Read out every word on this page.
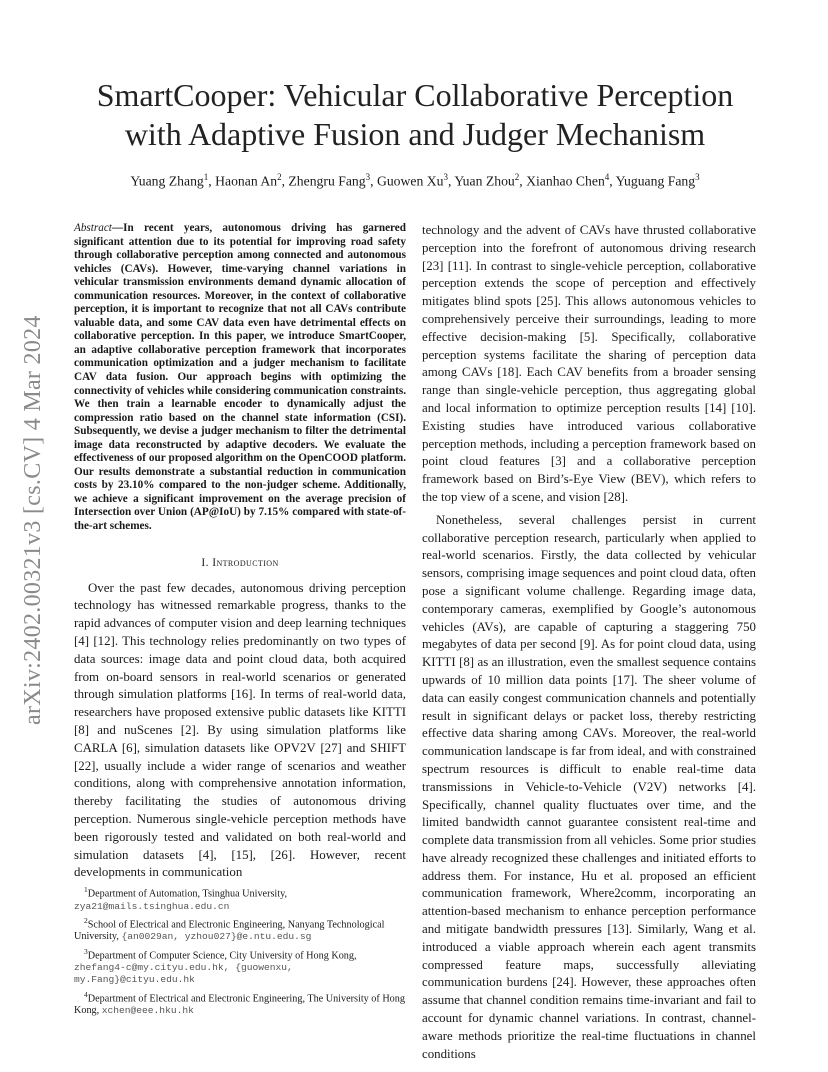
arXiv:2402.00321v3 [cs.CV] 4 Mar 2024
SmartCooper: Vehicular Collaborative Perception
with Adaptive Fusion and Judger Mechanism
Yuang Zhang$^1$, Haonan An$^2$, Zhengru Fang$^3$, Guowen Xu$^3$, Yuan Zhou$^2$, Xianhao Chen$^4$, Yuguang Fang$^3$

Abstract—In recent years, autonomous driving has garnered significant attention due to its potential for improving road safety through collaborative perception among connected and autonomous vehicles (CAVs). However, time-varying channel variations in vehicular transmission environments demand dynamic allocation of communication resources. Moreover, in the context of collaborative perception, it is important to recognize that not all CAVs contribute valuable data, and some CAV data even have detrimental effects on collaborative perception. In this paper, we introduce SmartCooper, an adaptive collaborative perception framework that incorporates communication optimization and a judger mechanism to facilitate CAV data fusion. Our approach begins with optimizing the connectivity of vehicles while considering communication constraints. We then train a learnable encoder to dynamically adjust the compression ratio based on the channel state information (CSI). Subsequently, we devise a judger mechanism to filter the detrimental image data reconstructed by adaptive decoders. We evaluate the effectiveness of our proposed algorithm on the OpenCOOD platform. Our results demonstrate a substantial reduction in communication costs by 23.10% compared to the non-judger scheme. Additionally, we achieve a significant improvement on the average precision of Intersection over Union (AP@IoU) by 7.15% compared with state-of-the-art schemes.

I. Introduction

Over the past few decades, autonomous driving perception technology has witnessed remarkable progress, thanks to the rapid advances of computer vision and deep learning techniques [4] [12]. This technology relies predominantly on two types of data sources: image data and point cloud data, both acquired from on-board sensors in real-world scenarios or generated through simulation platforms [16]. In terms of real-world data, researchers have proposed extensive public datasets like KITTI [8] and nuScenes [2]. By using simulation platforms like CARLA [6], simulation datasets like OPV2V [27] and SHIFT [22], usually include a wider range of scenarios and weather conditions, along with comprehensive annotation information, thereby facilitating the studies of autonomous driving perception. Numerous single-vehicle perception methods have been rigorously tested and validated on both real-world and simulation datasets [4], [15], [26]. However, recent developments in communication

technology and the advent of CAVs have thrusted collaborative perception into the forefront of autonomous driving research [23] [11]. In contrast to single-vehicle perception, collaborative perception extends the scope of perception and effectively mitigates blind spots [25]. This allows autonomous vehicles to comprehensively perceive their surroundings, leading to more effective decision-making [5]. Specifically, collaborative perception systems facilitate the sharing of perception data among CAVs [18]. Each CAV benefits from a broader sensing range than single-vehicle perception, thus aggregating global and local information to optimize perception results [14] [10]. Existing studies have introduced various collaborative perception methods, including a perception framework based on point cloud features [3] and a collaborative perception framework based on Bird’s-Eye View (BEV), which refers to the top view of a scene, and vision [28].

Nonetheless, several challenges persist in current collaborative perception research, particularly when applied to real-world scenarios. Firstly, the data collected by vehicular sensors, comprising image sequences and point cloud data, often pose a significant volume challenge. Regarding image data, contemporary cameras, exemplified by Google’s autonomous vehicles (AVs), are capable of capturing a staggering 750 megabytes of data per second [9]. As for point cloud data, using KITTI [8] as an illustration, even the smallest sequence contains upwards of 10 million data points [17]. The sheer volume of data can easily congest communication channels and potentially result in significant delays or packet loss, thereby restricting effective data sharing among CAVs. Moreover, the real-world communication landscape is far from ideal, and with constrained spectrum resources is difficult to enable real-time data transmissions in Vehicle-to-Vehicle (V2V) networks [4]. Specifically, channel quality fluctuates over time, and the limited bandwidth cannot guarantee consistent real-time and complete data transmission from all vehicles. Some prior studies have already recognized these challenges and initiated efforts to address them. For instance, Hu et al. proposed an efficient communication framework, Where2comm, incorporating an attention-based mechanism to enhance perception performance and mitigate bandwidth pressures [13]. Similarly, Wang et al. introduced a viable approach wherein each agent transmits compressed feature maps, successfully alleviating communication burdens [24]. However, these approaches often assume that channel condition remains time-invariant and fail to account for dynamic channel variations. In contrast, channel-aware methods prioritize the real-time fluctuations in channel conditions

$^1$Department of Automation, Tsinghua University, zya21@mails.tsinghua.edu.cn

$^2$School of Electrical and Electronic Engineering, Nanyang Technological University, {an0029an, yzhou027}@e.ntu.edu.sg

$^3$Department of Computer Science, City University of Hong Kong, zhefang4-c@my.cityu.edu.hk, {guowenxu, my.Fang}@cityu.edu.hk

$^4$Department of Electrical and Electronic Engineering, The University of Hong Kong, xchen@eee.hku.hk
